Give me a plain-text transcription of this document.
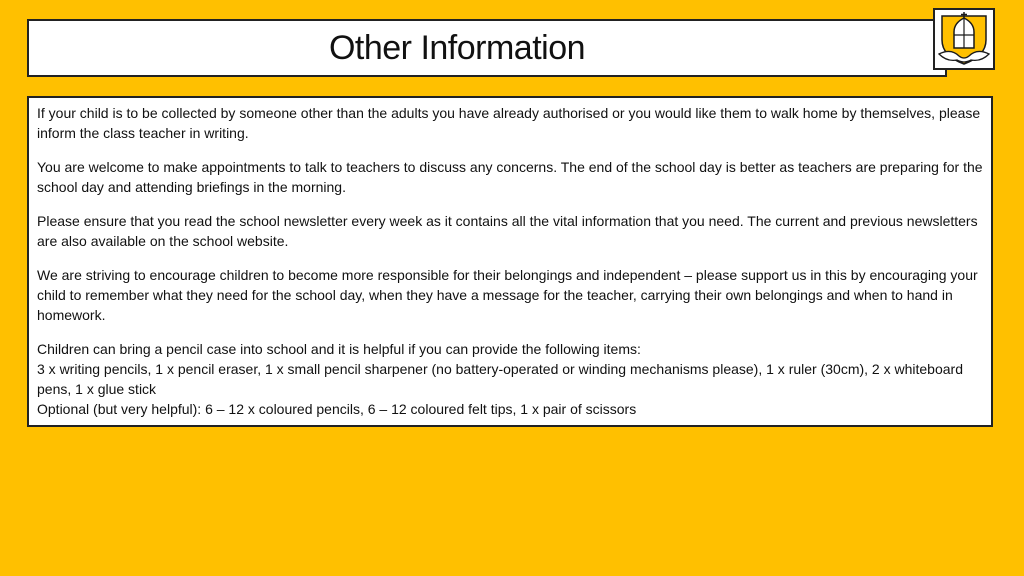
Other Information

If your child is to be collected by someone other than the adults you have already authorised or you would like them to walk home by themselves, please inform the class teacher in writing.

You are welcome to make appointments to talk to teachers to discuss any concerns. The end of the school day is better as teachers are preparing for the school day and attending briefings in the morning.

Please ensure that you read the school newsletter every week as it contains all the vital information that you need. The current and previous newsletters are also available on the school website.

We are striving to encourage children to become more responsible for their belongings and independent – please support us in this by encouraging your child to remember what they need for the school day, when they have a message for the teacher, carrying their own belongings and when to hand in homework.

Children can bring a pencil case into school and it is helpful if you can provide the following items:
3 x writing pencils, 1 x pencil eraser, 1 x small pencil sharpener (no battery-operated or winding mechanisms please), 1 x ruler (30cm), 2 x whiteboard pens, 1 x glue stick
Optional (but very helpful): 6 – 12 x coloured pencils, 6 – 12 coloured felt tips, 1 x pair of scissors
